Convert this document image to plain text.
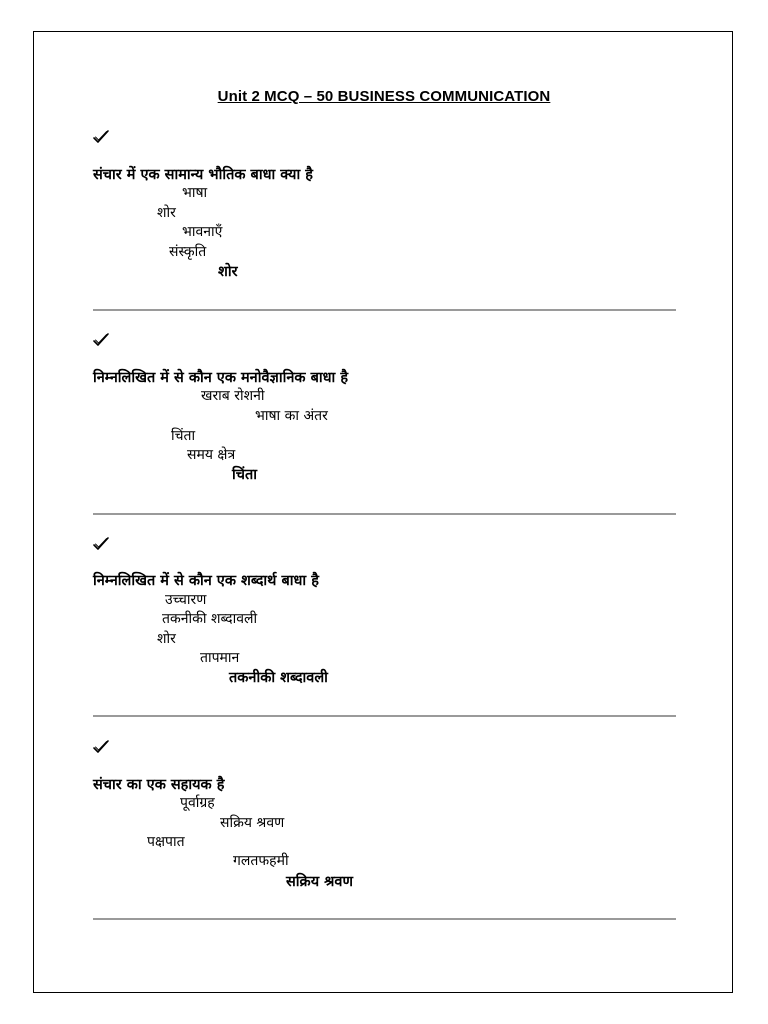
Unit 2 MCQ – 50 BUSINESS COMMUNICATION
संचार में एक सामान्य भौतिक बाधा क्या है
भाषा
शोर
भावनाएँ
संस्कृति
शोर
निम्नलिखित में से कौन एक मनोवैज्ञानिक बाधा है
खराब रोशनी
भाषा का अंतर
चिंता
समय क्षेत्र
चिंता
निम्नलिखित में से कौन एक शब्दार्थ बाधा है
उच्चारण
तकनीकी शब्दावली
शोर
तापमान
तकनीकी शब्दावली
संचार का एक सहायक है
पूर्वाग्रह
सक्रिय श्रवण
पक्षपात
गलतफहमी
सक्रिय श्रवण
